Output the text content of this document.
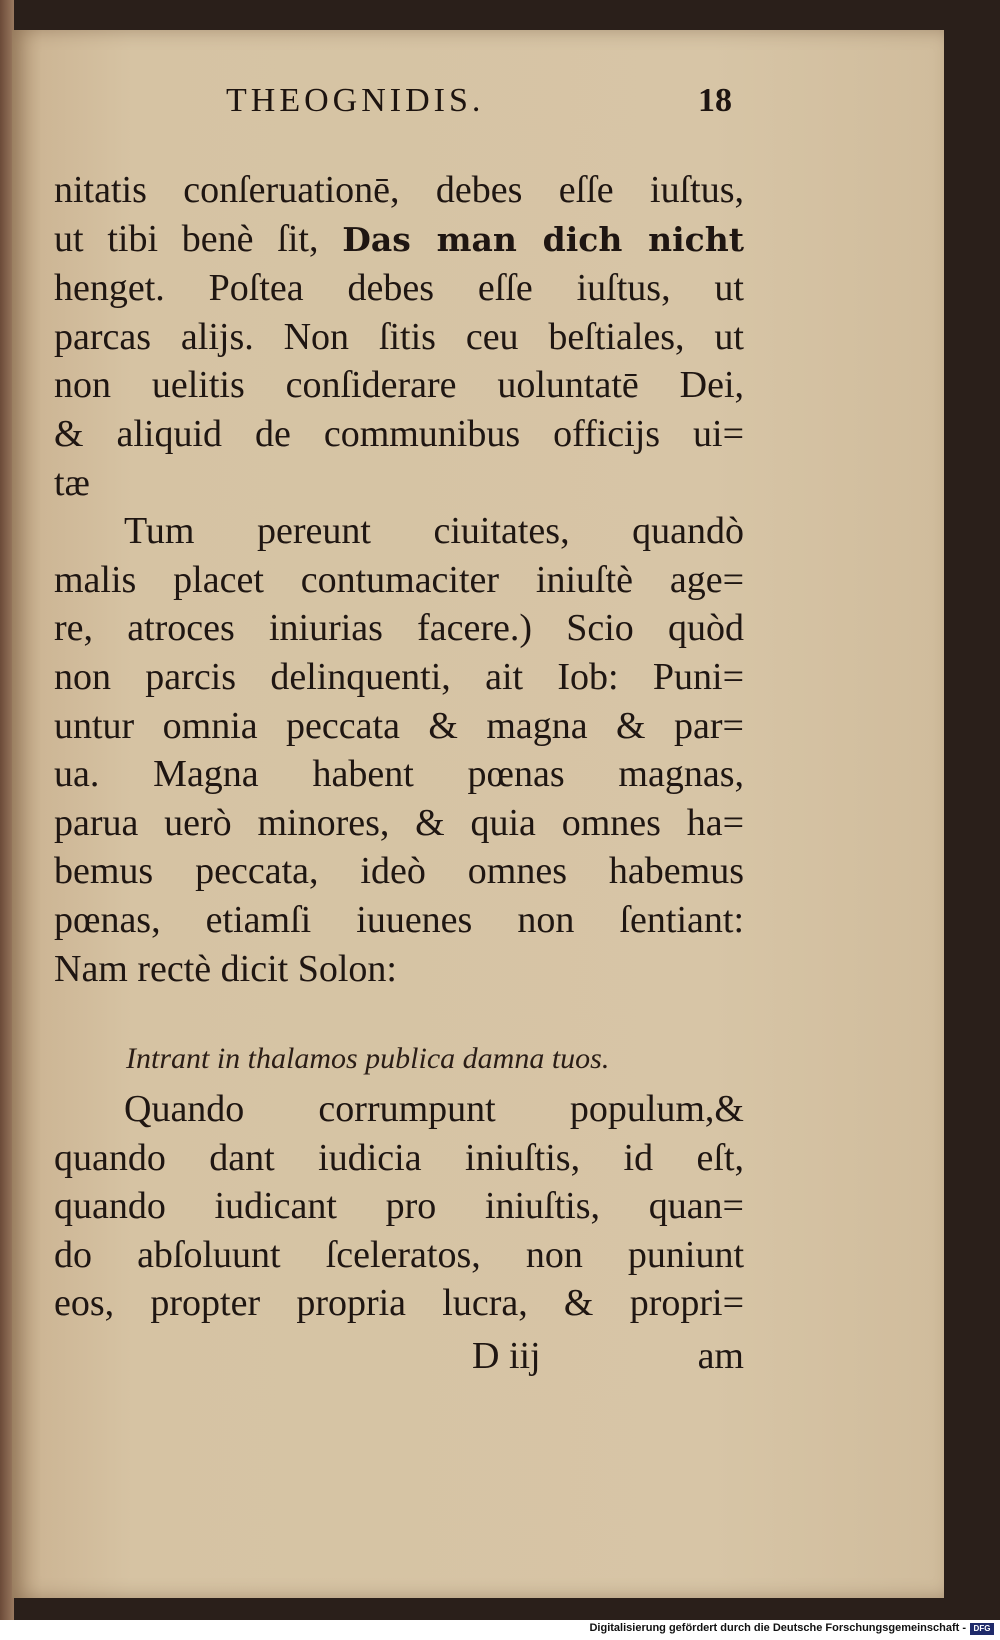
THEOGNIDIS.	18
nitatis conſeruationē, debes eſſe iuſtus,
ut tibi benè ſit, Das man dich nicht
henget. Poſtea debes eſſe iuſtus, ut
parcas alijs. Non ſitis ceu beſtiales, ut
non uelitis conſiderare uoluntatē Dei,
& aliquid de communibus officijs ui=
tæ
Tum pereunt ciuitates, quandò
malis placet contumaciter iniuſtè age=
re, atroces iniurias facere.) Scio quòd
non parcis delinquenti, ait Iob: Puni=
untur omnia peccata & magna & par=
ua. Magna habent pœnas magnas,
parua uerò minores, & quia omnes ha=
bemus peccata, ideò omnes habemus
pœnas, etiamſi iuuenes non ſentiant:
Nam rectè dicit Solon:
Intrant in thalamos publica damna tuos.
Quando corrumpunt populum,&
quando dant iudicia iniuſtis, id eſt,
quando iudicant pro iniuſtis, quan=
do abſoluunt ſceleratos, non puniunt
eos, propter propria lucra, & propri=
D iij	am
Digitalisierung gefördert durch die Deutsche Forschungsgemeinschaft - DFG
